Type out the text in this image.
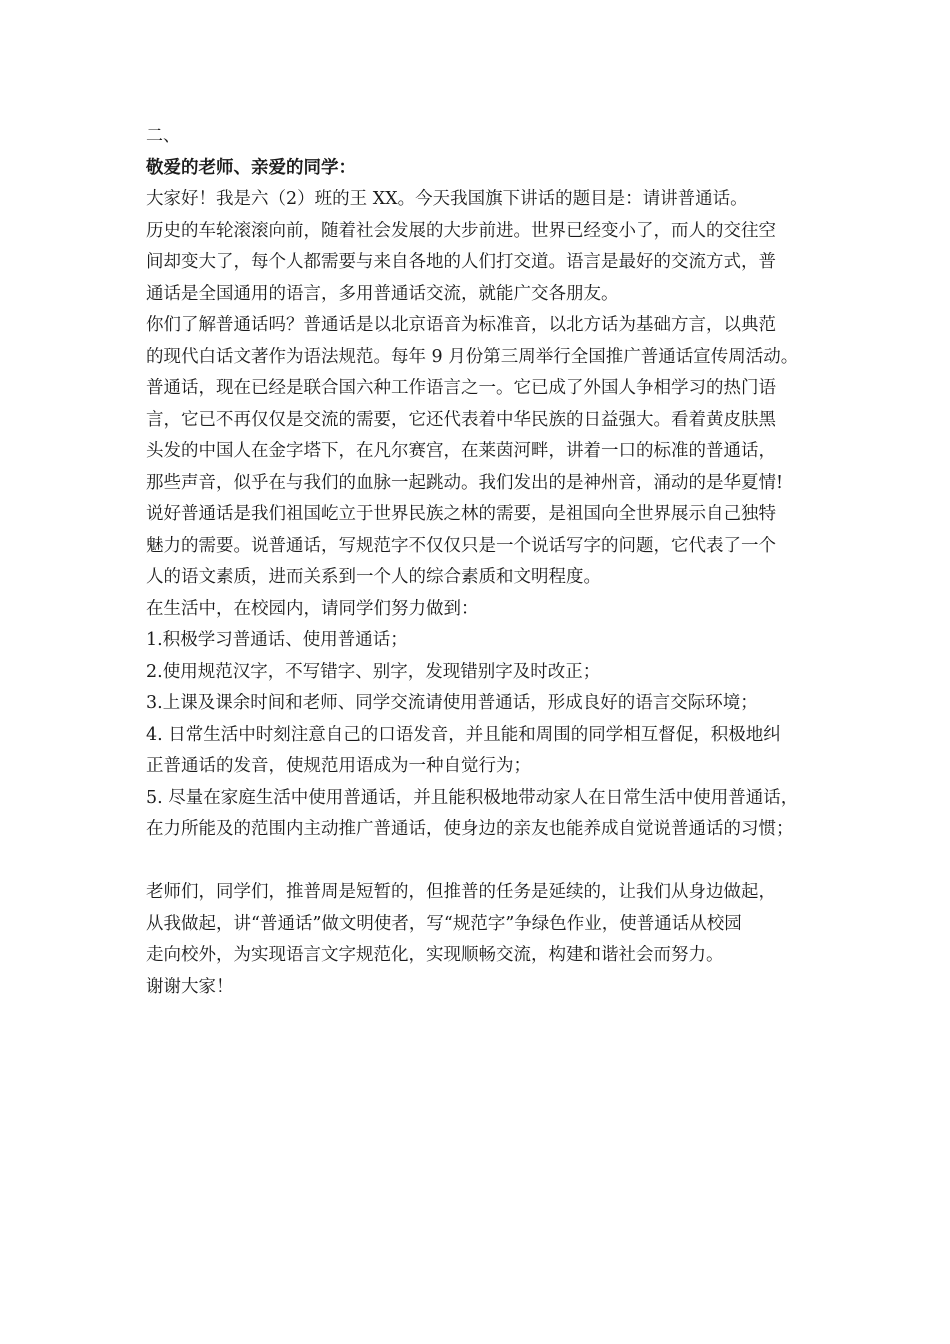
二、
敬爱的老师、亲爱的同学：
大家好！我是六（2）班的王 XX。今天我国旗下讲话的题目是：请讲普通话。
历史的车轮滚滚向前，随着社会发展的大步前进。世界已经变小了，而人的交往空
间却变大了，每个人都需要与来自各地的人们打交道。语言是最好的交流方式，普
通话是全国通用的语言，多用普通话交流，就能广交各朋友。
你们了解普通话吗？普通话是以北京语音为标准音，以北方话为基础方言，以典范
的现代白话文著作为语法规范。每年 9 月份第三周举行全国推广普通话宣传周活动。
普通话，现在已经是联合国六种工作语言之一。它已成了外国人争相学习的热门语
言，它已不再仅仅是交流的需要，它还代表着中华民族的日益强大。看着黄皮肤黑
头发的中国人在金字塔下，在凡尔赛宫，在莱茵河畔，讲着一口的标准的普通话，
那些声音，似乎在与我们的血脉一起跳动。我们发出的是神州音，涌动的是华夏情!
说好普通话是我们祖国屹立于世界民族之林的需要，是祖国向全世界展示自己独特
魅力的需要。说普通话，写规范字不仅仅只是一个说话写字的问题，它代表了一个
人的语文素质，进而关系到一个人的综合素质和文明程度。
在生活中，在校园内，请同学们努力做到：
1.积极学习普通话、使用普通话；
2.使用规范汉字，不写错字、别字，发现错别字及时改正；
3.上课及课余时间和老师、同学交流请使用普通话，形成良好的语言交际环境；
4. 日常生活中时刻注意自己的口语发音，并且能和周围的同学相互督促，积极地纠
正普通话的发音，使规范用语成为一种自觉行为；
5. 尽量在家庭生活中使用普通话，并且能积极地带动家人在日常生活中使用普通话，
在力所能及的范围内主动推广普通话，使身边的亲友也能养成自觉说普通话的习惯；
老师们，同学们，推普周是短暂的，但推普的任务是延续的，让我们从身边做起，
从我做起，讲“普通话”做文明使者，写“规范字”争绿色作业，使普通话从校园
走向校外，为实现语言文字规范化，实现顺畅交流，构建和谐社会而努力。
谢谢大家！
